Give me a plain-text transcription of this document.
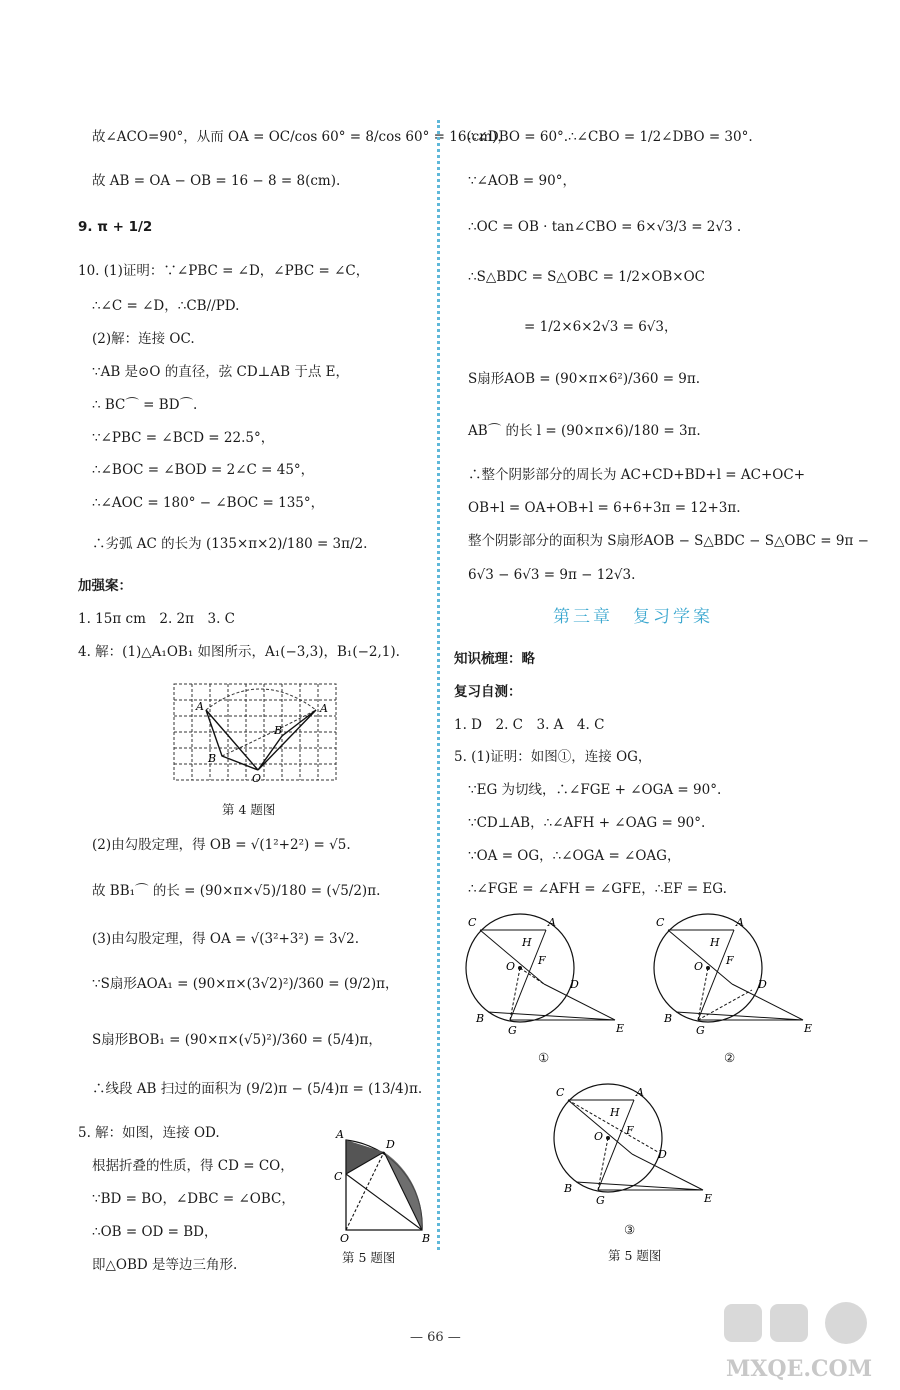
故∠ACO=90°，从而 OA = OC/cos 60° = 8/cos 60° = 16(cm)，
故 AB = OA − OB = 16 − 8 = 8(cm).
9. π + 1/2
10. (1)证明：∵∠PBC = ∠D，∠PBC = ∠C，
∴∠C = ∠D，∴CB//PD.
(2)解：连接 OC.
∵AB 是⊙O 的直径，弦 CD⊥AB 于点 E，
∴ BC⌒ = BD⌒.
∵∠PBC = ∠BCD = 22.5°，
∴∠BOC = ∠BOD = 2∠C = 45°，
∴∠AOC = 180° − ∠BOC = 135°，
∴劣弧 AC 的长为 (135×π×2)/180 = 3π/2.
加强案：
1. 15π cm　2. 2π　3. C
4. 解：(1)△A₁OB₁ 如图所示，A₁(−3,3)，B₁(−2,1).
A	A
B
B
O
第 4 题图
(2)由勾股定理，得 OB = √(1²+2²) = √5.
故 BB₁⌒ 的长 = (90×π×√5)/180 = (√5/2)π.
(3)由勾股定理，得 OA = √(3²+3²) = 3√2.
∵S扇形AOA₁ = (90×π×(3√2)²)/360 = (9/2)π，
S扇形BOB₁ = (90×π×(√5)²)/360 = (5/4)π，
∴线段 AB 扫过的面积为 (9/2)π − (5/4)π = (13/4)π.
5. 解：如图，连接 OD.
根据折叠的性质，得 CD = CO，
∵BD = BO，∠DBC = ∠OBC，
∴OB = OD = BD，
即△OBD 是等边三角形.
A
D
C
O	B
第 5 题图
∴∠DBO = 60°.∴∠CBO = 1/2∠DBO = 30°.
∵∠AOB = 90°，
∴OC = OB · tan∠CBO = 6×√3/3 = 2√3 .
∴S△BDC = S△OBC = 1/2×OB×OC
= 1/2×6×2√3 = 6√3，
S扇形AOB = (90×π×6²)/360 = 9π.
AB⌒ 的长 l = (90×π×6)/180 = 3π.
∴整个阴影部分的周长为 AC+CD+BD+l = AC+OC+
OB+l = OA+OB+l = 6+6+3π = 12+3π.
整个阴影部分的面积为 S扇形AOB − S△BDC − S△OBC = 9π −
6√3 − 6√3 = 9π − 12√3.
第三章　复习学案
知识梳理：略
复习自测：
1. D　2. C　3. A　4. C
5. (1)证明：如图①，连接 OG，
∵EG 为切线，∴∠FGE + ∠OGA = 90°.
∵CD⊥AB，∴∠AFH + ∠OAG = 90°.
∵OA = OG，∴∠OGA = ∠OAG，
∴∠FGE = ∠AFH = ∠GFE，∴EF = EG.
C	A
H
O F
D
B
G	E
①
C	A
H
O F
D
B
G	E
②
C	A
H
O F
D
B
G	E
③
第 5 题图
— 66 —
MXQE.COM
